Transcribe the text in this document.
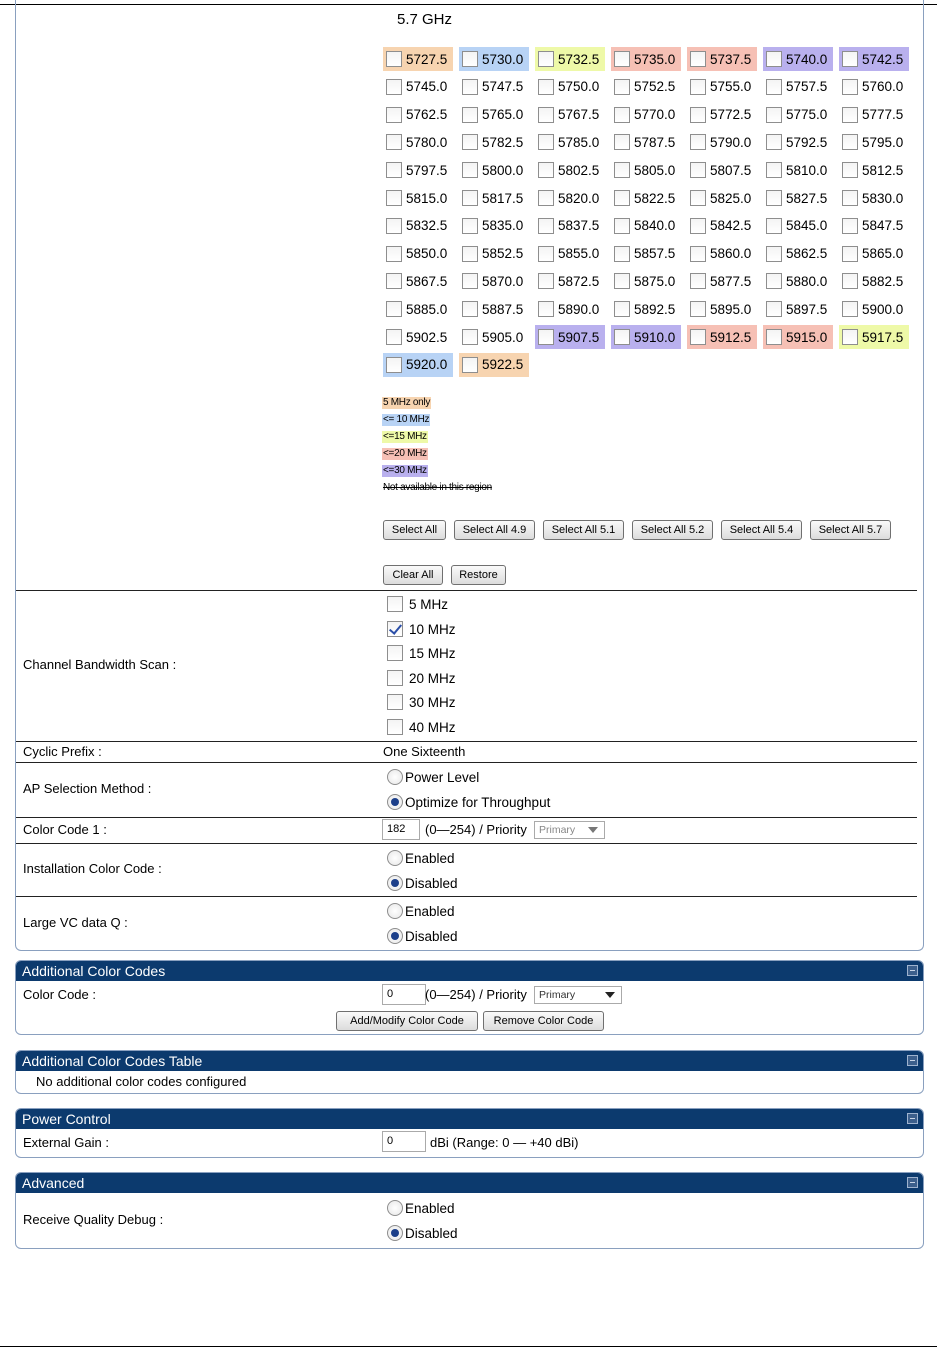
5.7 GHz
5727.5	5730.0	5732.5	5735.0	5737.5	5740.0	5742.5
5745.0	5747.5	5750.0	5752.5	5755.0	5757.5	5760.0
5762.5	5765.0	5767.5	5770.0	5772.5	5775.0	5777.5
5780.0	5782.5	5785.0	5787.5	5790.0	5792.5	5795.0
5797.5	5800.0	5802.5	5805.0	5807.5	5810.0	5812.5
5815.0	5817.5	5820.0	5822.5	5825.0	5827.5	5830.0
5832.5	5835.0	5837.5	5840.0	5842.5	5845.0	5847.5
5850.0	5852.5	5855.0	5857.5	5860.0	5862.5	5865.0
5867.5	5870.0	5872.5	5875.0	5877.5	5880.0	5882.5
5885.0	5887.5	5890.0	5892.5	5895.0	5897.5	5900.0
5902.5	5905.0	5907.5	5910.0	5912.5	5915.0	5917.5
5920.0	5922.5
5 MHz only
<= 10 MHz
<=15 MHz
<=20 MHz
<=30 MHz
Not available in this region
Select All	Select All 4.9	Select All 5.1	Select All 5.2	Select All 5.4	Select All 5.7
Clear All	Restore
Channel Bandwidth Scan :
5 MHz
10 MHz
15 MHz
20 MHz
30 MHz
40 MHz
Cyclic Prefix :	One Sixteenth
AP Selection Method :
Power Level
Optimize for Throughput
Color Code 1 :	182	(0—254) / Priority	Primary
Installation Color Code :
Enabled
Disabled
Large VC data Q :
Enabled
Disabled
Additional Color Codes
Color Code :	0	(0—254) / Priority	Primary
Add/Modify Color Code	Remove Color Code
Additional Color Codes Table
No additional color codes configured
Power Control
External Gain :	0	dBi (Range: 0 — +40 dBi)
Advanced
Receive Quality Debug :
Enabled
Disabled
